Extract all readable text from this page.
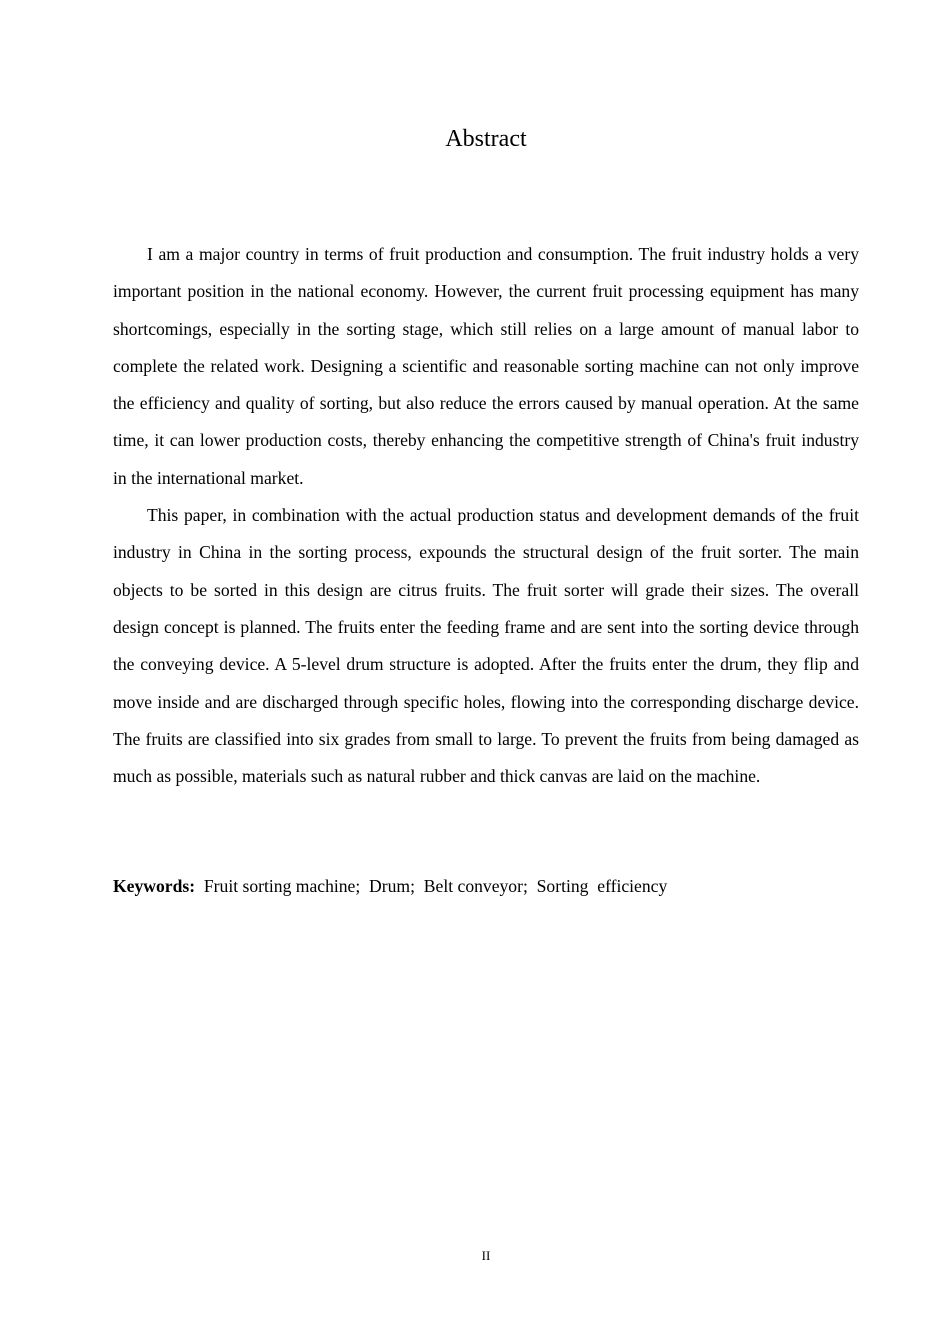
Abstract

I am a major country in terms of fruit production and consumption. The fruit industry holds a very important position in the national economy. However, the current fruit processing equipment has many shortcomings, especially in the sorting stage, which still relies on a large amount of manual labor to complete the related work. Designing a scientific and reasonable sorting machine can not only improve the efficiency and quality of sorting, but also reduce the errors caused by manual operation. At the same time, it can lower production costs, thereby enhancing the competitive strength of China's fruit industry in the international market.

This paper, in combination with the actual production status and development demands of the fruit industry in China in the sorting process, expounds the structural design of the fruit sorter. The main objects to be sorted in this design are citrus fruits. The fruit sorter will grade their sizes. The overall design concept is planned. The fruits enter the feeding frame and are sent into the sorting device through the conveying device. A 5-level drum structure is adopted. After the fruits enter the drum, they flip and move inside and are discharged through specific holes, flowing into the corresponding discharge device. The fruits are classified into six grades from small to large. To prevent the fruits from being damaged as much as possible, materials such as natural rubber and thick canvas are laid on the machine.

Keywords:  Fruit sorting machine;  Drum;  Belt conveyor;  Sorting  efficiency

II
